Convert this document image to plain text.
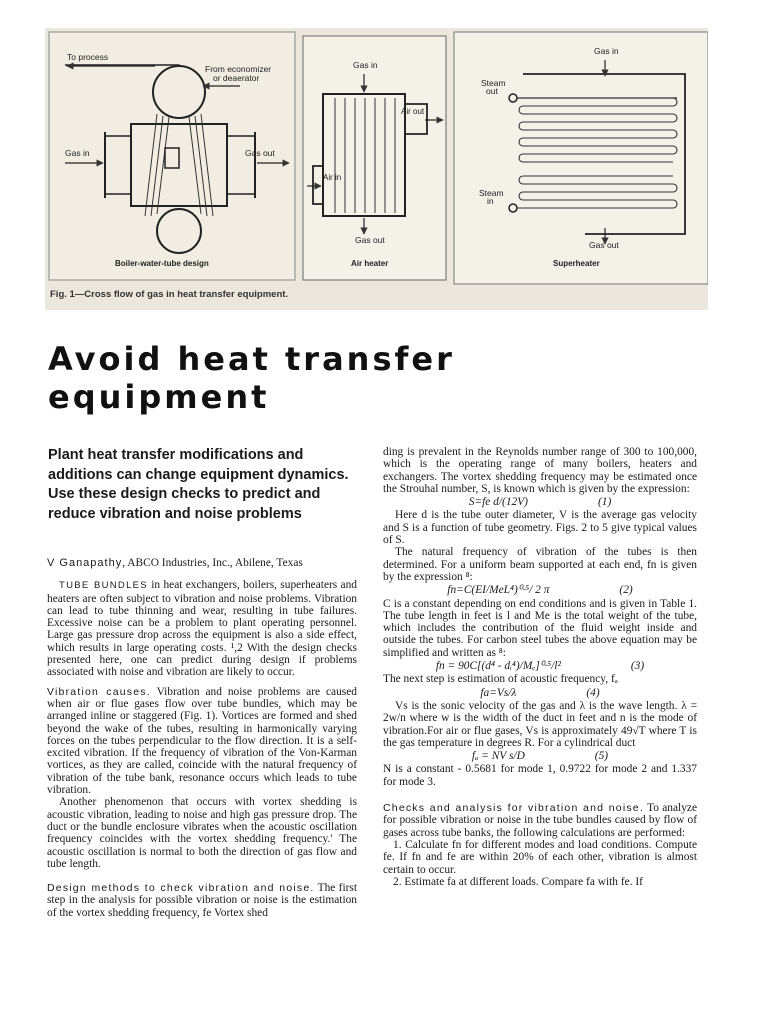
To process
From economizer
or deaerator
Gas in	Gas out
Boiler-water-tube design
Gas in
Air out
Air in
Gas out
Air heater
Gas in
Steam
out
Steam
in
Gas out
Superheater
Fig. 1—Cross flow of gas in heat transfer equipment.
Avoid heat transfer
equipment
Plant heat transfer modifications and additions can change equipment dynamics. Use these design checks to predict and reduce vibration and noise problems
V Ganapathy, ABCO Industries, Inc., Abilene, Texas
TUBE BUNDLES in heat exchangers, boilers, superheaters and heaters are often subject to vibration and noise problems. Vibration can lead to tube thinning and wear, resulting in tube failures. Excessive noise can be a problem to plant operating personnel. Large gas pressure drop across the equipment is also a side effect, which results in large operating costs. ¹,2 With the design checks presented here, one can predict during design if problems associated with noise and vibration are likely to occur.
Vibration causes. Vibration and noise problems are caused when air or flue gases flow over tube bundles, which may be arranged inline or staggered (Fig. 1). Vortices are formed and shed beyond the wake of the tubes, resulting in harmonically varying forces on the tubes perpendicular to the flow direction. It is a self-excited vibration. If the frequency of vibration of the Von-Karman vortices, as they are called, coincide with the natural frequency of vibration of the tube bank, resonance occurs which leads to tube vibration.
Another phenomenon that occurs with vortex shedding is acoustic vibration, leading to noise and high gas pressure drop. The duct or the bundle enclosure vibrates when the acoustic oscillation frequency coincides with the vortex shedding frequency.' The acoustic oscillation is normal to both the direction of gas flow and tube length.
Design methods to check vibration and noise. The first step in the analysis for possible vibration or noise is the estimation of the vortex shedding frequency, fe Vortex shed
ding is prevalent in the Reynolds number range of 300 to 100,000, which is the operating range of many boilers, heaters and exchangers. The vortex shedding frequency may be estimated once the Strouhal number, S, is known which is given by the expression:
S=fe d/(12V)	(1)
Here d is the tube outer diameter, V is the average gas velocity and S is a function of tube geometry. Figs. 2 to 5 give typical values of S.
The natural frequency of vibration of the tubes is then determined. For a uniform beam supported at each end, fn is given by the expression ⁸:
fn=C(EI/MeL⁴)⁰·⁵/ 2 π	(2)
C is a constant depending on end conditions and is given in Table 1. The tube length in feet is l and Me is the total weight of the tube, which includes the contribution of the fluid weight inside and outside the tubes. For carbon steel tubes the above equation may be simplified and written as ⁸:
fn = 90C[(d⁴ - dᵢ⁴)/Mₑ]⁰·⁵/l²	(3)
The next step is estimation of acoustic frequency, fₐ
fa=Vs/λ	(4)
Vs is the sonic velocity of the gas and λ is the wave length. λ = 2w/n where w is the width of the duct in feet and n is the mode of vibration.For air or flue gases, Vs is approximately 49√T where T is the gas temperature in degrees R. For a cylindrical duct
fₐ = NV s/D	(5)
N is a constant - 0.5681 for mode 1, 0.9722 for mode 2 and 1.337 for mode 3.
Checks and analysis for vibration and noise. To analyze for possible vibration or noise in the tube bundles caused by flow of gases across tube banks, the following calculations are performed:
1. Calculate fn for different modes and load conditions. Compute fe. If fn and fe are within 20% of each other, vibration is almost certain to occur.
2. Estimate fa at different loads. Compare fa with fe. If
